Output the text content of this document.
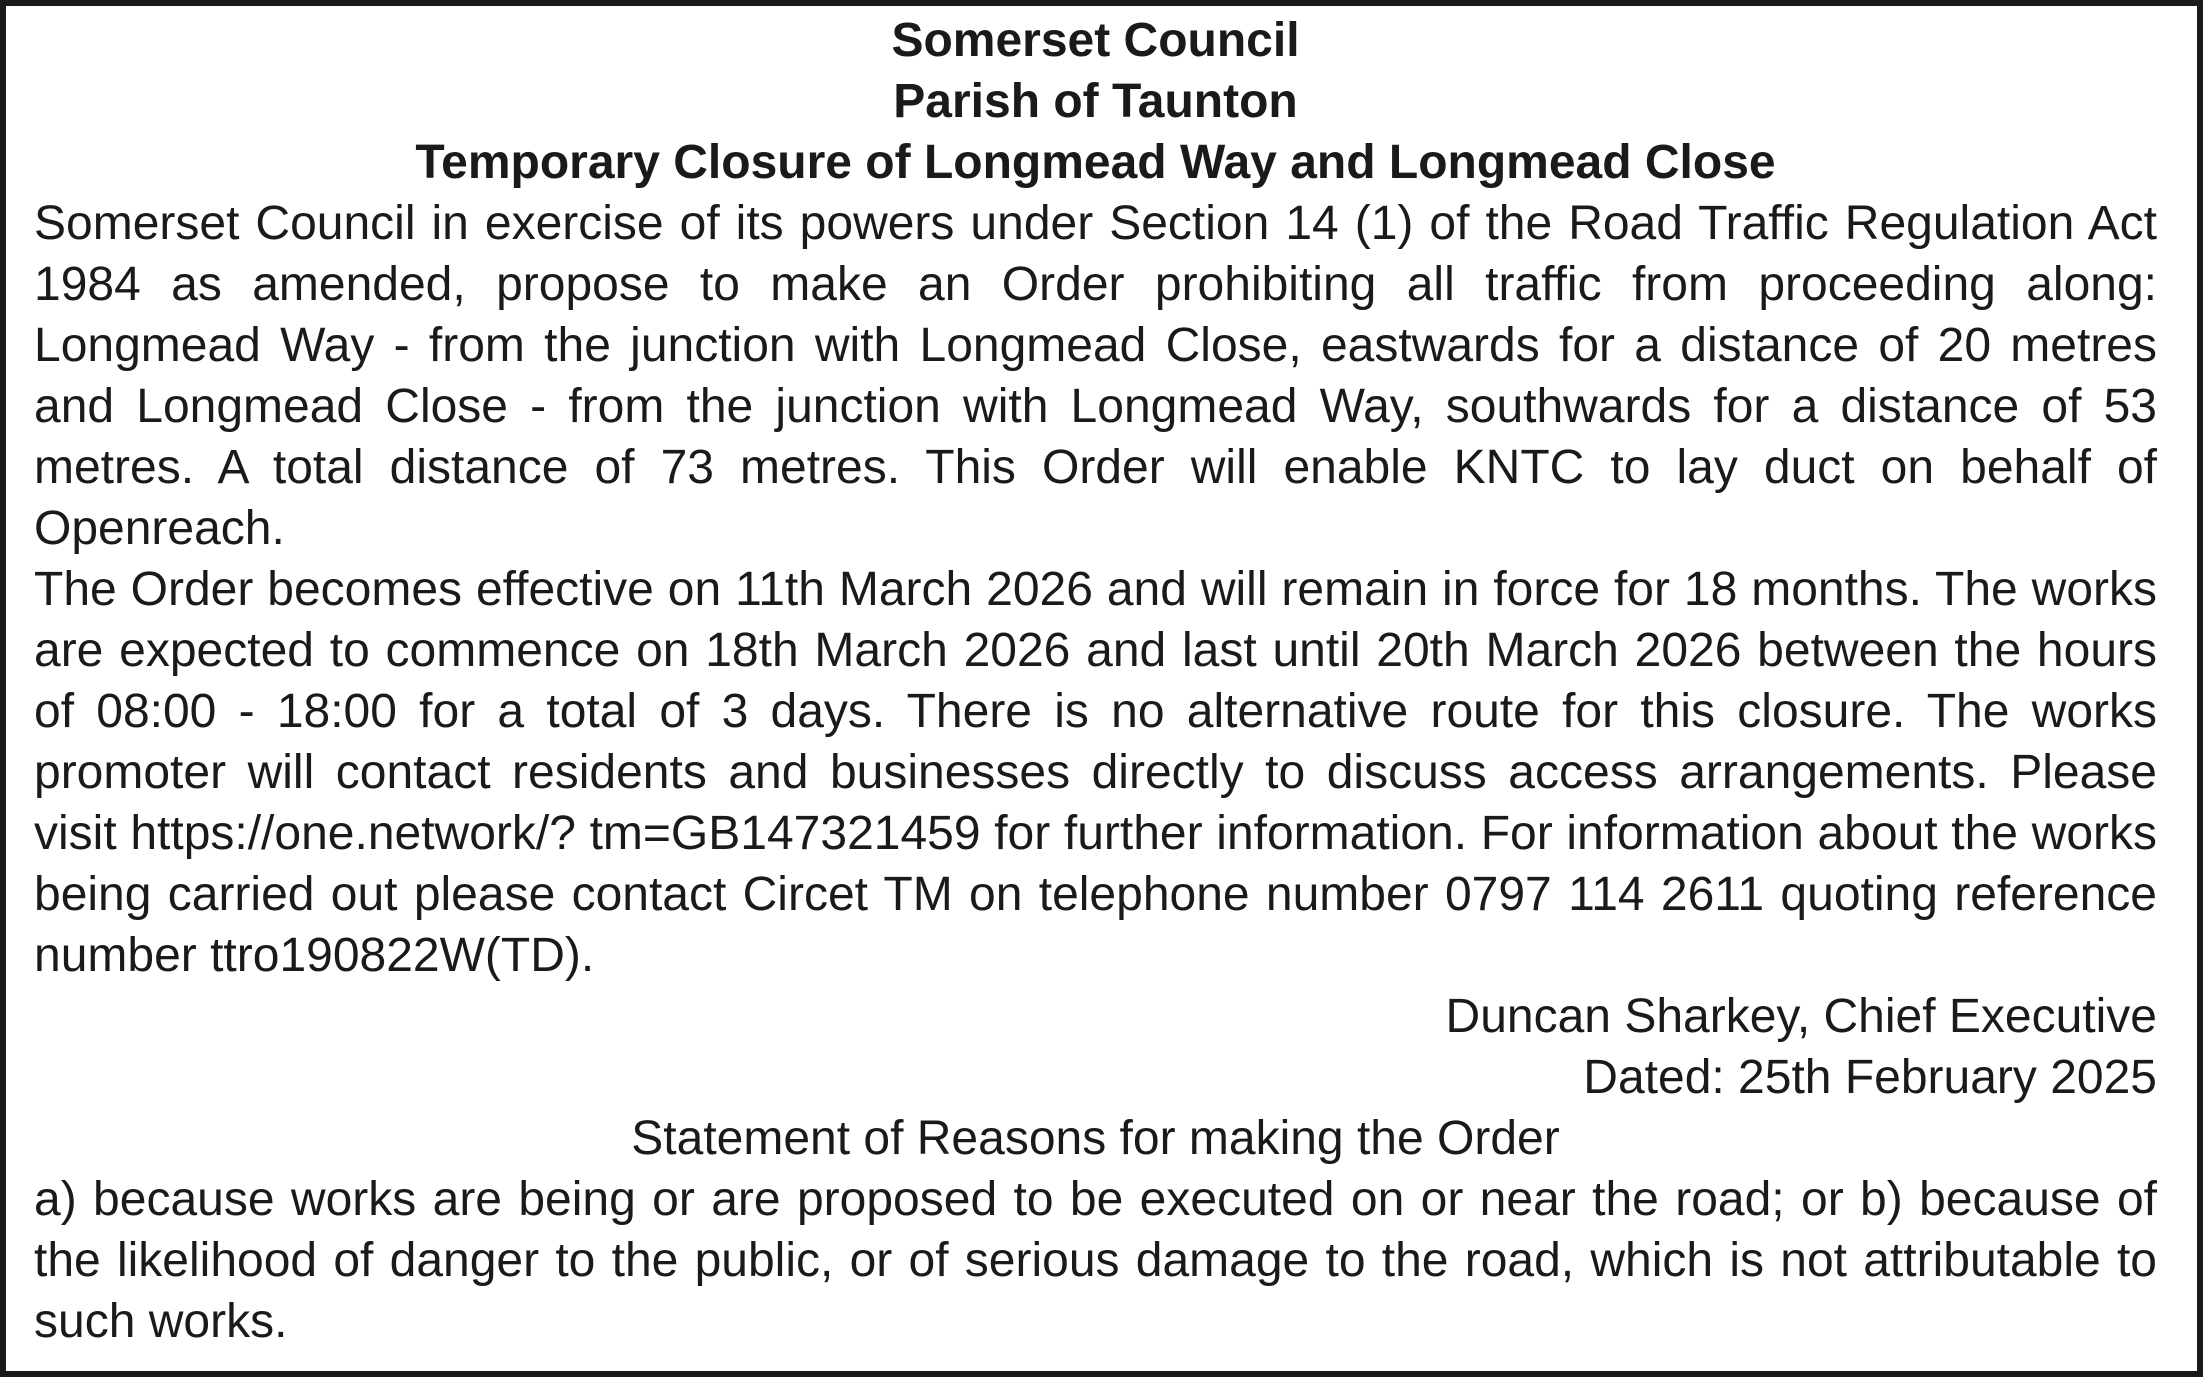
Somerset Council

Parish of Taunton

Temporary Closure of Longmead Way and Longmead Close

Somerset Council in exercise of its powers under Section 14 (1) of the Road Traffic Regulation Act 1984 as amended, propose to make an Order prohibiting all traffic from proceeding along: Longmead Way - from the junction with Longmead Close, eastwards for a distance of 20 metres and Longmead Close - from the junction with Longmead Way, southwards for a distance of 53 metres. A total distance of 73 metres. This Order will enable KNTC to lay duct on behalf of Openreach.

The Order becomes effective on 11th March 2026 and will remain in force for 18 months. The works are expected to commence on 18th March 2026 and last until 20th March 2026 between the hours of 08:00 - 18:00 for a total of 3 days. There is no alternative route for this closure. The works promoter will contact residents and businesses directly to discuss access arrangements. Please visit https://one.network/? tm=GB147321459 for further information. For information about the works being carried out please contact Circet TM on telephone number 0797 114 2611 quoting reference number ttro190822W(TD).

Duncan Sharkey, Chief Executive

Dated: 25th February 2025

Statement of Reasons for making the Order

a) because works are being or are proposed to be executed on or near the road; or b) because of the likelihood of danger to the public, or of serious damage to the road, which is not attributable to such works.
